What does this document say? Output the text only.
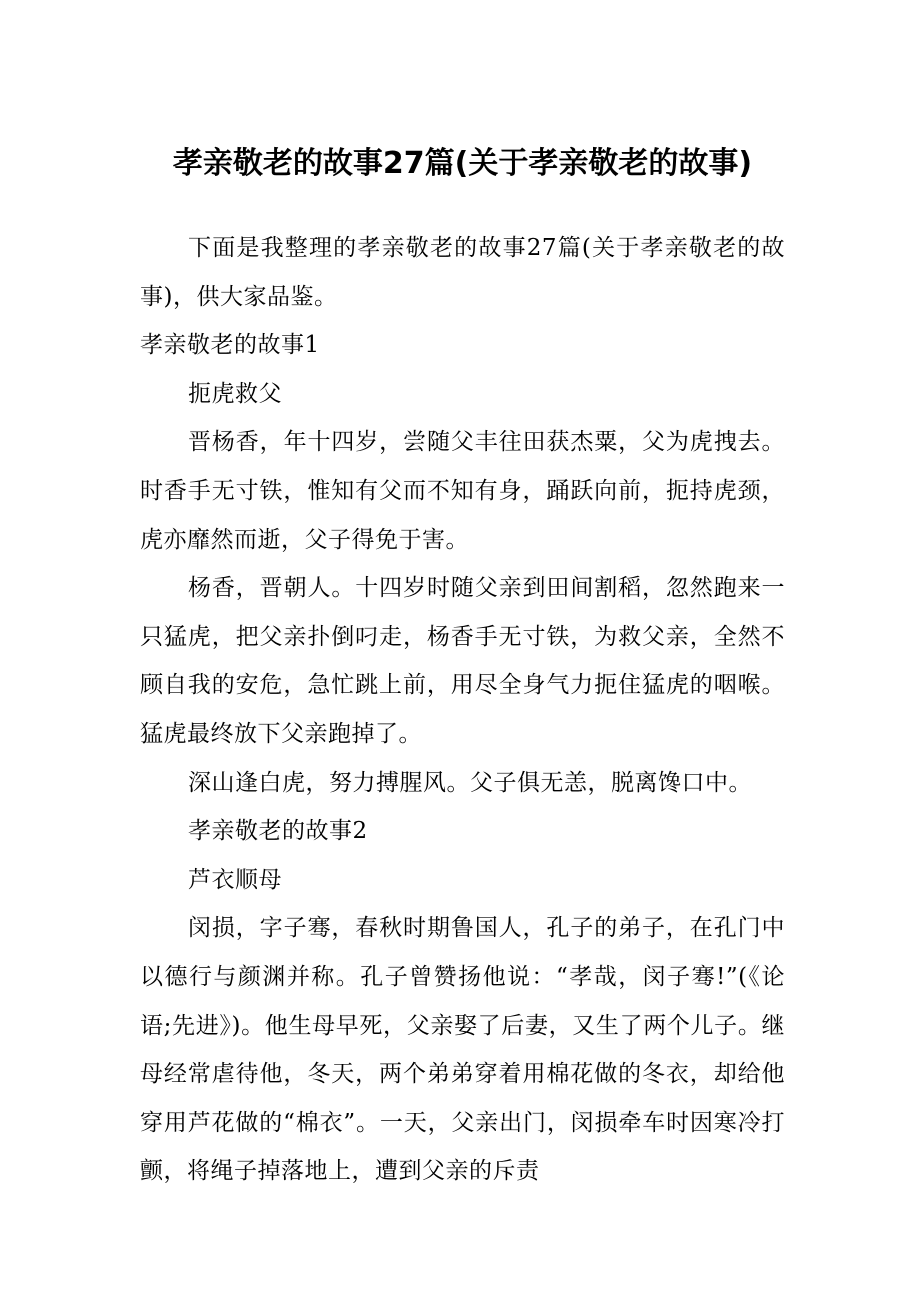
孝亲敬老的故事27篇(关于孝亲敬老的故事)

下面是我整理的孝亲敬老的故事27篇(关于孝亲敬老的故事)，供大家品鉴。

孝亲敬老的故事1

扼虎救父

晋杨香，年十四岁，尝随父丰往田获杰粟，父为虎拽去。时香手无寸铁，惟知有父而不知有身，踊跃向前，扼持虎颈，虎亦靡然而逝，父子得免于害。

杨香，晋朝人。十四岁时随父亲到田间割稻，忽然跑来一只猛虎，把父亲扑倒叼走，杨香手无寸铁，为救父亲，全然不顾自我的安危，急忙跳上前，用尽全身气力扼住猛虎的咽喉。猛虎最终放下父亲跑掉了。

深山逢白虎，努力搏腥风。父子俱无恙，脱离馋口中。

孝亲敬老的故事2

芦衣顺母

闵损，字子骞，春秋时期鲁国人，孔子的弟子，在孔门中以德行与颜渊并称。孔子曾赞扬他说：“孝哉，闵子骞!”(《论语;先进》)。他生母早死，父亲娶了后妻，又生了两个儿子。继母经常虐待他，冬天，两个弟弟穿着用棉花做的冬衣，却给他穿用芦花做的“棉衣”。一天，父亲出门，闵损牵车时因寒冷打颤，将绳子掉落地上，遭到父亲的斥责
